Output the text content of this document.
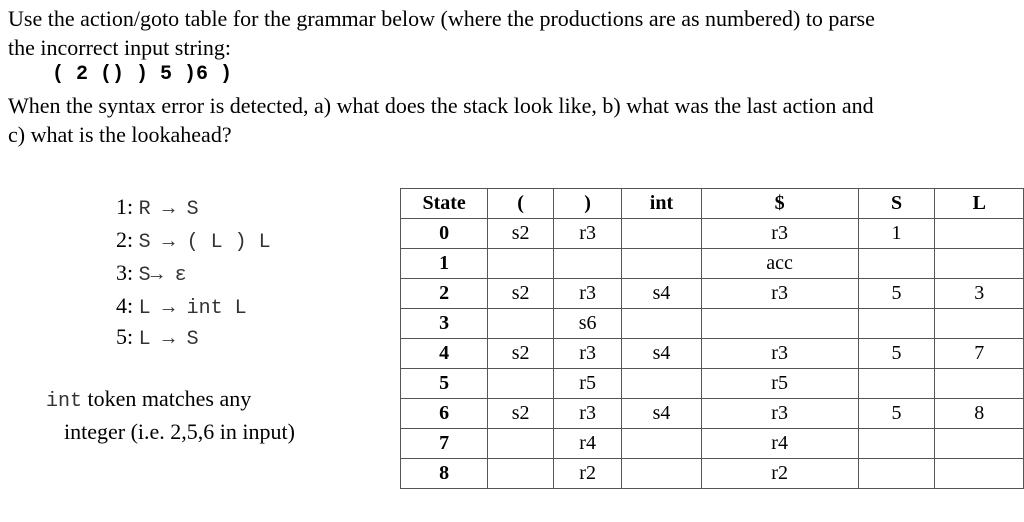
Use the action/goto table for the grammar below (where the productions are as numbered) to parse
the incorrect input string:
( 2 () ) 5 )6 )
When the syntax error is detected, a) what does the stack look like, b) what was the last action and
c) what is the lookahead?
1: R → S
2: S → ( L ) L
3: S→ ε
4: L → int L
5: L → S
int token matches any
integer (i.e. 2,5,6 in input)
State	(	)	int	$	S	L
0	s2	r3		r3	1	
1				acc		
2	s2	r3	s4	r3	5	3
3		s6				
4	s2	r3	s4	r3	5	7
5		r5		r5		
6	s2	r3	s4	r3	5	8
7		r4		r4		
8		r2		r2		
